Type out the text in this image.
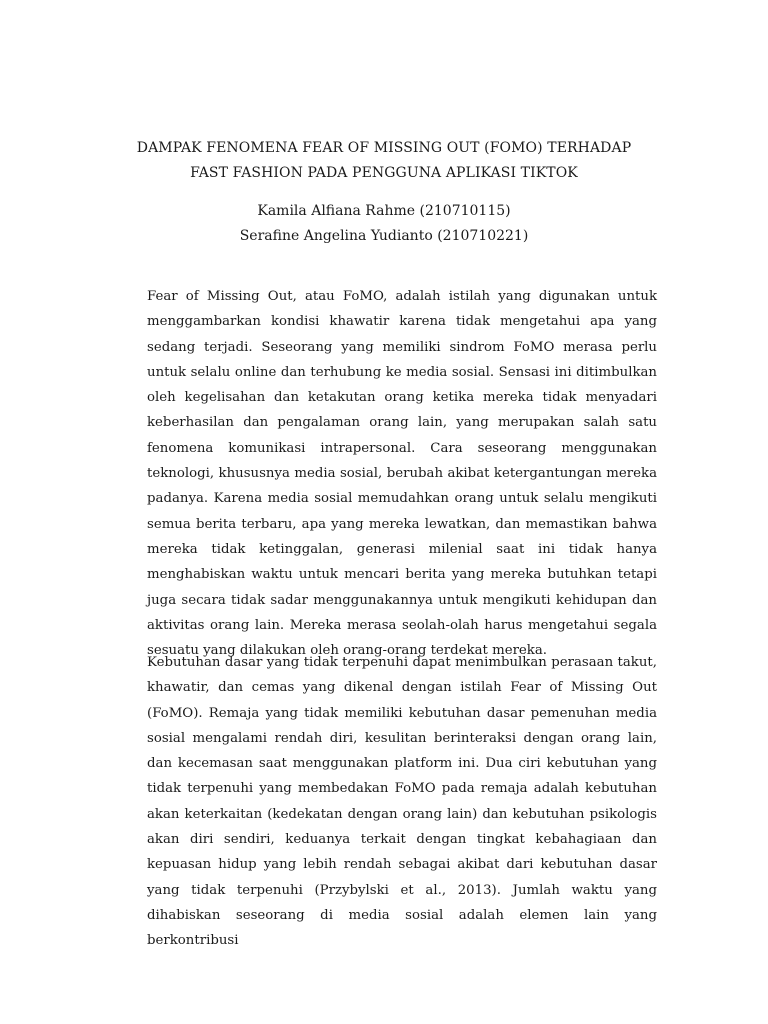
DAMPAK FENOMENA FEAR OF MISSING OUT (FOMO) TERHADAP
FAST FASHION PADA PENGGUNA APLIKASI TIKTOK
Kamila Alfiana Rahme (210710115)
Serafine Angelina Yudianto (210710221)

Fear of Missing Out, atau FoMO, adalah istilah yang digunakan untuk menggambarkan kondisi khawatir karena tidak mengetahui apa yang sedang terjadi. Seseorang yang memiliki sindrom FoMO merasa perlu untuk selalu online dan terhubung ke media sosial. Sensasi ini ditimbulkan oleh kegelisahan dan ketakutan orang ketika mereka tidak menyadari keberhasilan dan pengalaman orang lain, yang merupakan salah satu fenomena komunikasi intrapersonal. Cara seseorang menggunakan teknologi, khususnya media sosial, berubah akibat ketergantungan mereka padanya. Karena media sosial memudahkan orang untuk selalu mengikuti semua berita terbaru, apa yang mereka lewatkan, dan memastikan bahwa mereka tidak ketinggalan, generasi milenial saat ini tidak hanya menghabiskan waktu untuk mencari berita yang mereka butuhkan tetapi juga secara tidak sadar menggunakannya untuk mengikuti kehidupan dan aktivitas orang lain. Mereka merasa seolah-olah harus mengetahui segala sesuatu yang dilakukan oleh orang-orang terdekat mereka.

Kebutuhan dasar yang tidak terpenuhi dapat menimbulkan perasaan takut, khawatir, dan cemas yang dikenal dengan istilah Fear of Missing Out (FoMO). Remaja yang tidak memiliki kebutuhan dasar pemenuhan media sosial mengalami rendah diri, kesulitan berinteraksi dengan orang lain, dan kecemasan saat menggunakan platform ini. Dua ciri kebutuhan yang tidak terpenuhi yang membedakan FoMO pada remaja adalah kebutuhan akan keterkaitan (kedekatan dengan orang lain) dan kebutuhan psikologis akan diri sendiri, keduanya terkait dengan tingkat kebahagiaan dan kepuasan hidup yang lebih rendah sebagai akibat dari kebutuhan dasar yang tidak terpenuhi (Przybylski et al., 2013). Jumlah waktu yang dihabiskan seseorang di media sosial adalah elemen lain yang berkontribusi
